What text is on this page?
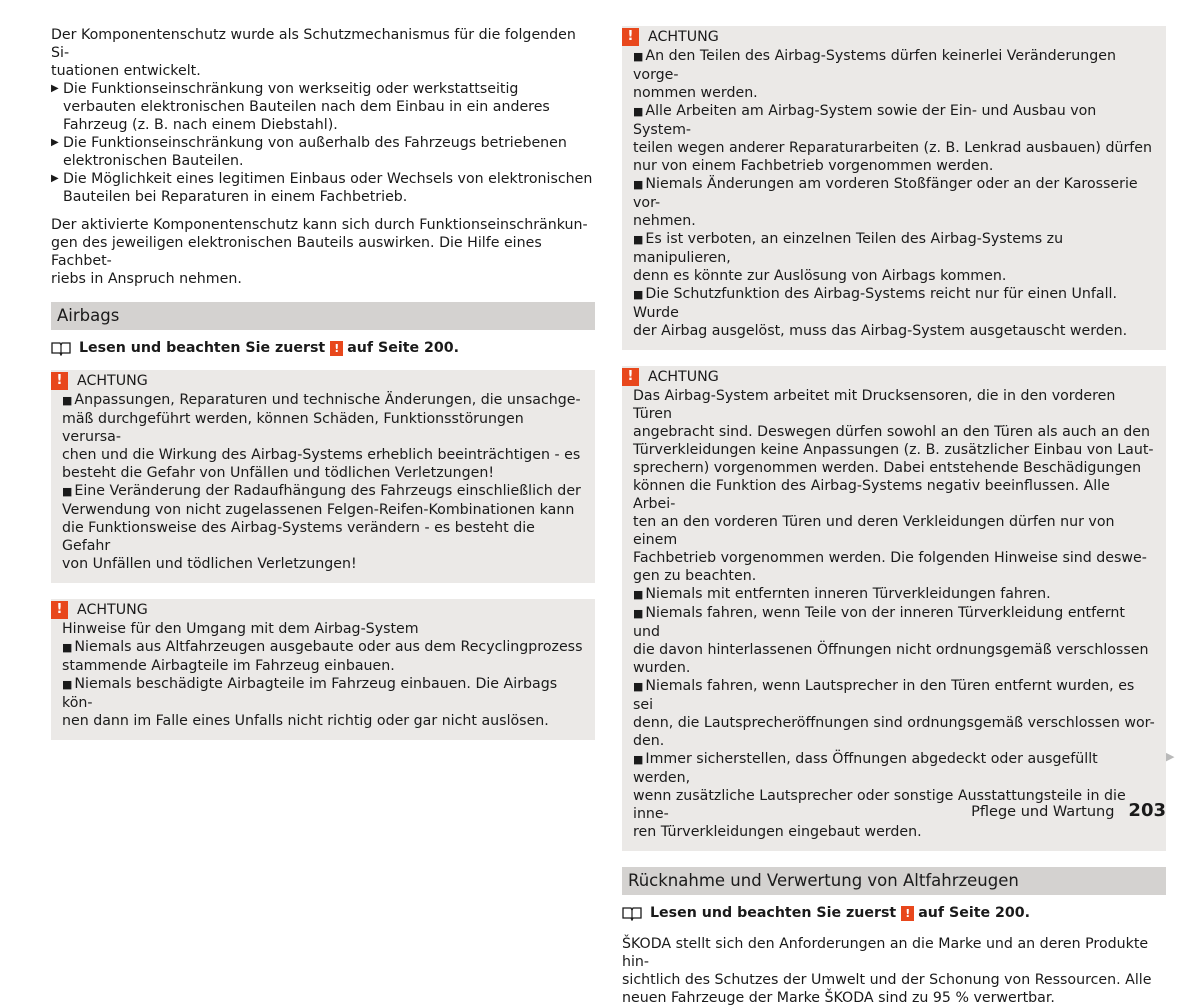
Der Komponentenschutz wurde als Schutzmechanismus für die folgenden Si-
tuationen entwickelt.

▶ Die Funktionseinschränkung von werkseitig oder werkstattseitig verbauten elektronischen Bauteilen nach dem Einbau in ein anderes Fahrzeug (z. B. nach einem Diebstahl).
▶ Die Funktionseinschränkung von außerhalb des Fahrzeugs betriebenen elektronischen Bauteilen.
▶ Die Möglichkeit eines legitimen Einbaus oder Wechsels von elektronischen Bauteilen bei Reparaturen in einem Fachbetrieb.

Der aktivierte Komponentenschutz kann sich durch Funktionseinschränkun-
gen des jeweiligen elektronischen Bauteils auswirken. Die Hilfe eines Fachbet-
riebs in Anspruch nehmen.

Airbags
Lesen und beachten Sie zuerst ! auf Seite 200.
!	ACHTUNG

■ Anpassungen, Reparaturen und technische Änderungen, die unsachge-
mäß durchgeführt werden, können Schäden, Funktionsstörungen verursa-
chen und die Wirkung des Airbag-Systems erheblich beeinträchtigen - es
besteht die Gefahr von Unfällen und tödlichen Verletzungen!

■ Eine Veränderung der Radaufhängung des Fahrzeugs einschließlich der
Verwendung von nicht zugelassenen Felgen-Reifen-Kombinationen kann
die Funktionsweise des Airbag-Systems verändern - es besteht die Gefahr
von Unfällen und tödlichen Verletzungen!

!	ACHTUNG

Hinweise für den Umgang mit dem Airbag-System

■ Niemals aus Altfahrzeugen ausgebaute oder aus dem Recyclingprozess
stammende Airbagteile im Fahrzeug einbauen.

■ Niemals beschädigte Airbagteile im Fahrzeug einbauen. Die Airbags kön-
nen dann im Falle eines Unfalls nicht richtig oder gar nicht auslösen.

!	ACHTUNG

■ An den Teilen des Airbag-Systems dürfen keinerlei Veränderungen vorge-
nommen werden.

■ Alle Arbeiten am Airbag-System sowie der Ein- und Ausbau von System-
teilen wegen anderer Reparaturarbeiten (z. B. Lenkrad ausbauen) dürfen
nur von einem Fachbetrieb vorgenommen werden.

■ Niemals Änderungen am vorderen Stoßfänger oder an der Karosserie vor-
nehmen.

■ Es ist verboten, an einzelnen Teilen des Airbag-Systems zu manipulieren,
denn es könnte zur Auslösung von Airbags kommen.

■ Die Schutzfunktion des Airbag-Systems reicht nur für einen Unfall. Wurde
der Airbag ausgelöst, muss das Airbag-System ausgetauscht werden.

!	ACHTUNG

Das Airbag-System arbeitet mit Drucksensoren, die in den vorderen Türen
angebracht sind. Deswegen dürfen sowohl an den Türen als auch an den
Türverkleidungen keine Anpassungen (z. B. zusätzlicher Einbau von Laut-
sprechern) vorgenommen werden. Dabei entstehende Beschädigungen
können die Funktion des Airbag-Systems negativ beeinflussen. Alle Arbei-
ten an den vorderen Türen und deren Verkleidungen dürfen nur von einem
Fachbetrieb vorgenommen werden. Die folgenden Hinweise sind deswe-
gen zu beachten.

■ Niemals mit entfernten inneren Türverkleidungen fahren.

■ Niemals fahren, wenn Teile von der inneren Türverkleidung entfernt und
die davon hinterlassenen Öffnungen nicht ordnungsgemäß verschlossen
wurden.

■ Niemals fahren, wenn Lautsprecher in den Türen entfernt wurden, es sei
denn, die Lautsprecheröffnungen sind ordnungsgemäß verschlossen wor-
den.

■ Immer sicherstellen, dass Öffnungen abgedeckt oder ausgefüllt werden,
wenn zusätzliche Lautsprecher oder sonstige Ausstattungsteile in die inne-
ren Türverkleidungen eingebaut werden.

Rücknahme und Verwertung von Altfahrzeugen
Lesen und beachten Sie zuerst ! auf Seite 200.

ŠKODA stellt sich den Anforderungen an die Marke und an deren Produkte hin-
sichtlich des Schutzes der Umwelt und der Schonung von Ressourcen. Alle
neuen Fahrzeuge der Marke ŠKODA sind zu 95 % verwertbar.

▶
Pflege und Wartung 203
